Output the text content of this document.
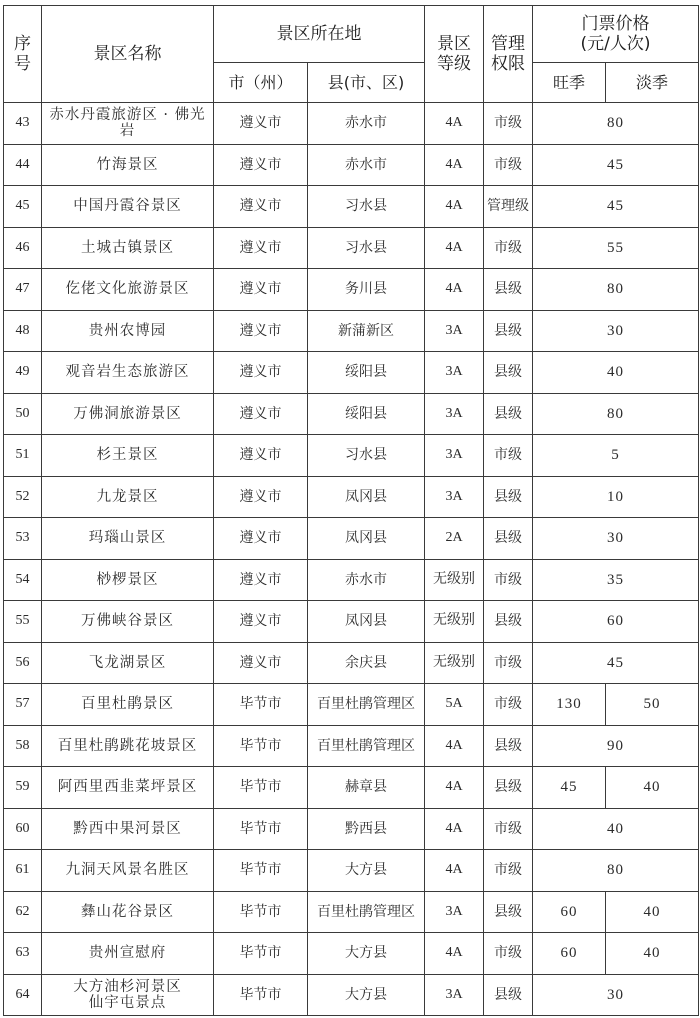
序号	景区名称	景区所在地		景区等级	管理权限	门票价格
(元/人次)	

		市（州）	县(市、区)			旺季	淡季
43	赤水丹霞旅游区 · 佛光岩	遵义市	赤水市	4A	市级	80	
44	竹海景区	遵义市	赤水市	4A	市级	45	
45	中国丹霞谷景区	遵义市	习水县	4A	管理级	45	
46	土城古镇景区	遵义市	习水县	4A	市级	55	
47	仡佬文化旅游景区	遵义市	务川县	4A	县级	80	
48	贵州农博园	遵义市	新蒲新区	3A	县级	30	
49	观音岩生态旅游区	遵义市	绥阳县	3A	县级	40	
50	万佛洞旅游景区	遵义市	绥阳县	3A	县级	80	
51	杉王景区	遵义市	习水县	3A	市级	5	
52	九龙景区	遵义市	凤冈县	3A	县级	10	
53	玛瑙山景区	遵义市	凤冈县	2A	县级	30	
54	桫椤景区	遵义市	赤水市	无级别	市级	35	
55	万佛峡谷景区	遵义市	凤冈县	无级别	县级	60	
56	飞龙湖景区	遵义市	余庆县	无级别	市级	45	
57	百里杜鹃景区	毕节市	百里杜鹃管理区	5A	市级	130	50
58	百里杜鹃跳花坡景区	毕节市	百里杜鹃管理区	4A	县级	90	
59	阿西里西韭菜坪景区	毕节市	赫章县	4A	县级	45	40
60	黔西中果河景区	毕节市	黔西县	4A	市级	40	
61	九洞天风景名胜区	毕节市	大方县	4A	市级	80	
62	彝山花谷景区	毕节市	百里杜鹃管理区	3A	县级	60	40
63	贵州宣慰府	毕节市	大方县	4A	市级	60	40
64	大方油杉河景区
仙宇屯景点	毕节市	大方县	3A	县级	30	
